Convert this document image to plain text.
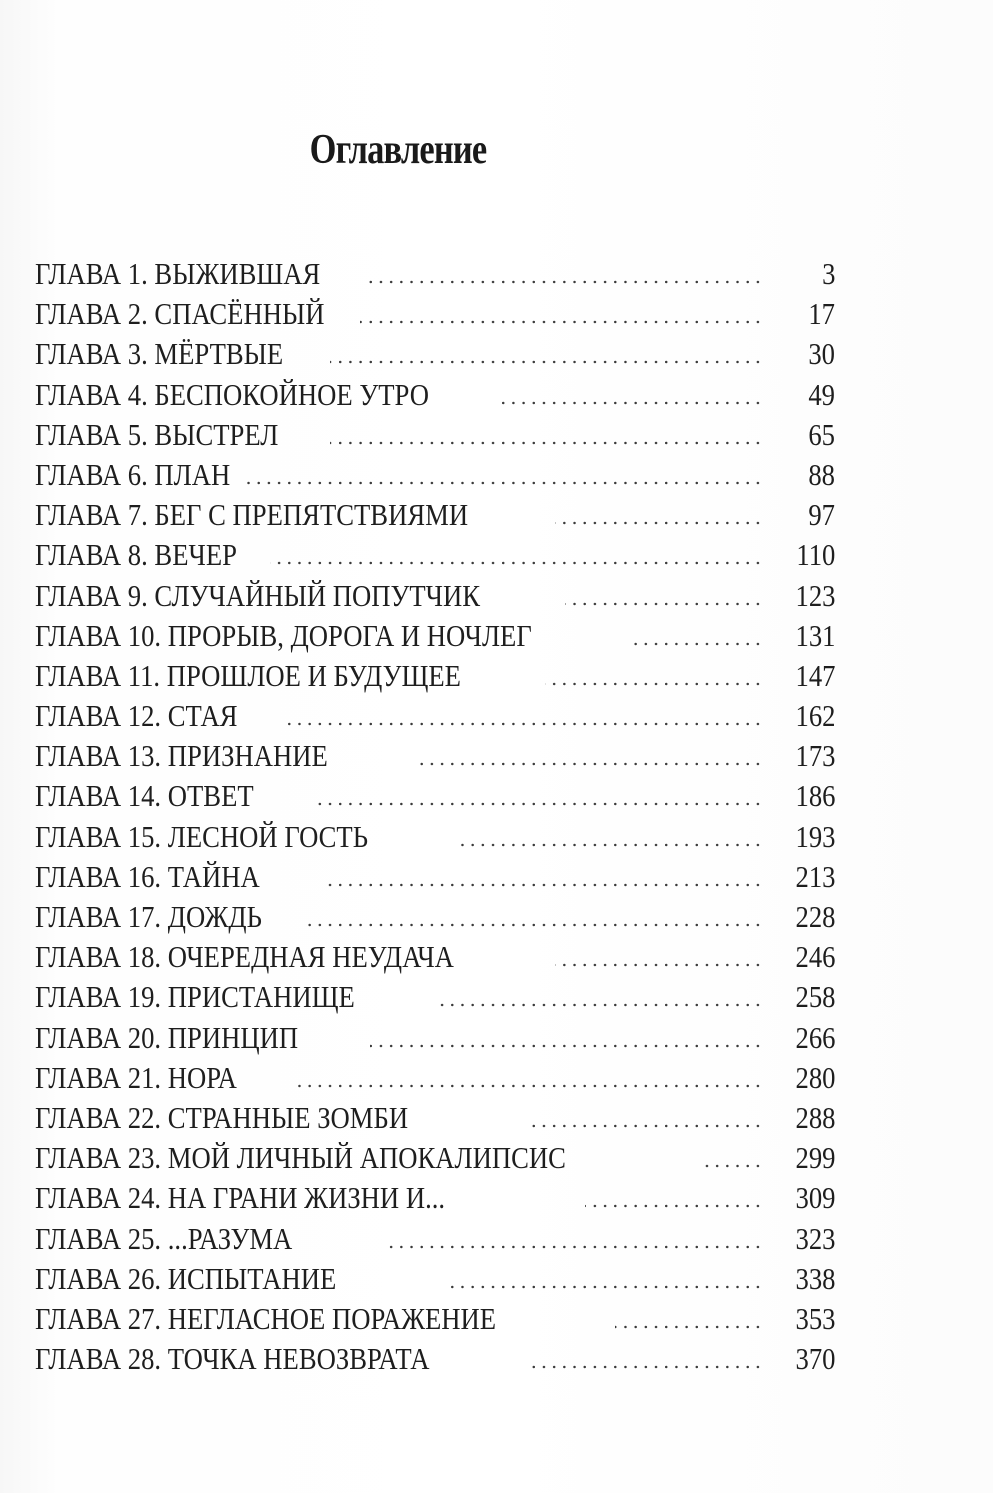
Оглавление
ГЛАВА 1. ВЫЖИВШАЯ	3
ГЛАВА 2. СПАСЁННЫЙ	17
ГЛАВА 3. МЁРТВЫЕ	30
ГЛАВА 4. БЕСПОКОЙНОЕ УТРО	49
ГЛАВА 5. ВЫСТРЕЛ	65
ГЛАВА 6. ПЛАН	88
ГЛАВА 7. БЕГ С ПРЕПЯТСТВИЯМИ	97
ГЛАВА 8. ВЕЧЕР	110
ГЛАВА 9. СЛУЧАЙНЫЙ ПОПУТЧИК	123
ГЛАВА 10. ПРОРЫВ, ДОРОГА И НОЧЛЕГ	131
ГЛАВА 11. ПРОШЛОЕ И БУДУЩЕЕ	147
ГЛАВА 12. СТАЯ	162
ГЛАВА 13. ПРИЗНАНИЕ	173
ГЛАВА 14. ОТВЕТ	186
ГЛАВА 15. ЛЕСНОЙ ГОСТЬ	193
ГЛАВА 16. ТАЙНА	213
ГЛАВА 17. ДОЖДЬ	228
ГЛАВА 18. ОЧЕРЕДНАЯ НЕУДАЧА	246
ГЛАВА 19. ПРИСТАНИЩЕ	258
ГЛАВА 20. ПРИНЦИП	266
ГЛАВА 21. НОРА	280
ГЛАВА 22. СТРАННЫЕ ЗОМБИ	288
ГЛАВА 23. МОЙ ЛИЧНЫЙ АПОКАЛИПСИС	299
ГЛАВА 24. НА ГРАНИ ЖИЗНИ И...	309
ГЛАВА 25. ...РАЗУМА	323
ГЛАВА 26. ИСПЫТАНИЕ	338
ГЛАВА 27. НЕГЛАСНОЕ ПОРАЖЕНИЕ	353
ГЛАВА 28. ТОЧКА НЕВОЗВРАТА	370
